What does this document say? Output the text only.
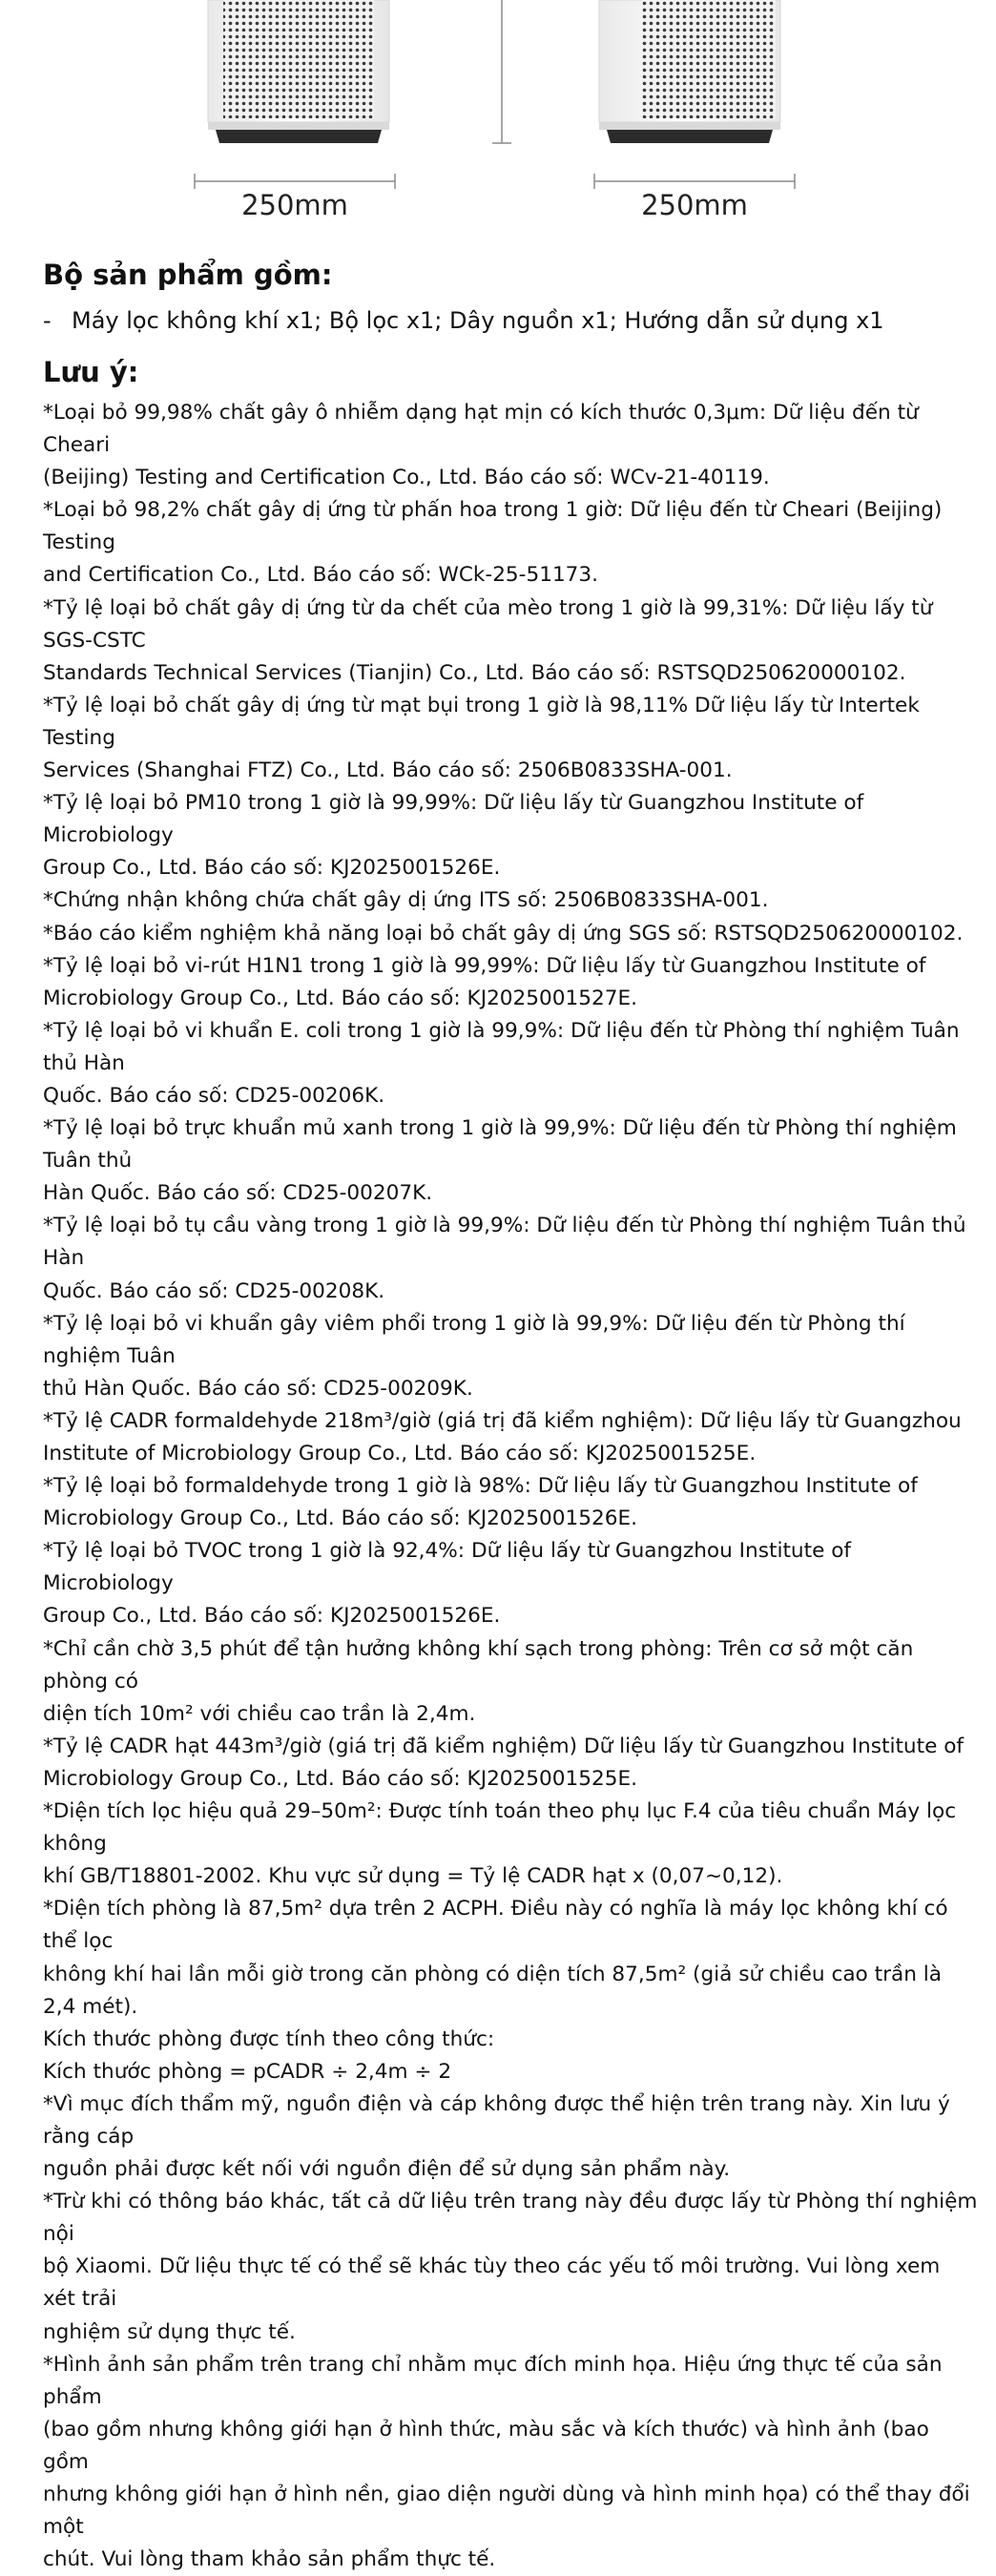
250mm	250mm
Bộ sản phẩm gồm:
- Máy lọc không khí x1; Bộ lọc x1; Dây nguồn x1; Hướng dẫn sử dụng x1
Lưu ý:

*Loại bỏ 99,98% chất gây ô nhiễm dạng hạt mịn có kích thước 0,3μm: Dữ liệu đến từ Cheari

(Beijing) Testing and Certification Co., Ltd. Báo cáo số: WCv-21-40119.

*Loại bỏ 98,2% chất gây dị ứng từ phấn hoa trong 1 giờ: Dữ liệu đến từ Cheari (Beijing) Testing

and Certification Co., Ltd. Báo cáo số: WCk-25-51173.

*Tỷ lệ loại bỏ chất gây dị ứng từ da chết của mèo trong 1 giờ là 99,31%: Dữ liệu lấy từ SGS-CSTC

Standards Technical Services (Tianjin) Co., Ltd. Báo cáo số: RSTSQD250620000102.

*Tỷ lệ loại bỏ chất gây dị ứng từ mạt bụi trong 1 giờ là 98,11% Dữ liệu lấy từ Intertek Testing

Services (Shanghai FTZ) Co., Ltd. Báo cáo số: 2506B0833SHA-001.

*Tỷ lệ loại bỏ PM10 trong 1 giờ là 99,99%: Dữ liệu lấy từ Guangzhou Institute of Microbiology

Group Co., Ltd. Báo cáo số: KJ2025001526E.

*Chứng nhận không chứa chất gây dị ứng ITS số: 2506B0833SHA-001.

*Báo cáo kiểm nghiệm khả năng loại bỏ chất gây dị ứng SGS số: RSTSQD250620000102.

*Tỷ lệ loại bỏ vi-rút H1N1 trong 1 giờ là 99,99%: Dữ liệu lấy từ Guangzhou Institute of

Microbiology Group Co., Ltd. Báo cáo số: KJ2025001527E.

*Tỷ lệ loại bỏ vi khuẩn E. coli trong 1 giờ là 99,9%: Dữ liệu đến từ Phòng thí nghiệm Tuân thủ Hàn

Quốc. Báo cáo số: CD25-00206K.

*Tỷ lệ loại bỏ trực khuẩn mủ xanh trong 1 giờ là 99,9%: Dữ liệu đến từ Phòng thí nghiệm Tuân thủ

Hàn Quốc. Báo cáo số: CD25-00207K.

*Tỷ lệ loại bỏ tụ cầu vàng trong 1 giờ là 99,9%: Dữ liệu đến từ Phòng thí nghiệm Tuân thủ Hàn

Quốc. Báo cáo số: CD25-00208K.

*Tỷ lệ loại bỏ vi khuẩn gây viêm phổi trong 1 giờ là 99,9%: Dữ liệu đến từ Phòng thí nghiệm Tuân

thủ Hàn Quốc. Báo cáo số: CD25-00209K.

*Tỷ lệ CADR formaldehyde 218m³/giờ (giá trị đã kiểm nghiệm): Dữ liệu lấy từ Guangzhou

Institute of Microbiology Group Co., Ltd. Báo cáo số: KJ2025001525E.

*Tỷ lệ loại bỏ formaldehyde trong 1 giờ là 98%: Dữ liệu lấy từ Guangzhou Institute of

Microbiology Group Co., Ltd. Báo cáo số: KJ2025001526E.

*Tỷ lệ loại bỏ TVOC trong 1 giờ là 92,4%: Dữ liệu lấy từ Guangzhou Institute of Microbiology

Group Co., Ltd. Báo cáo số: KJ2025001526E.

*Chỉ cần chờ 3,5 phút để tận hưởng không khí sạch trong phòng: Trên cơ sở một căn phòng có

diện tích 10m² với chiều cao trần là 2,4m.

*Tỷ lệ CADR hạt 443m³/giờ (giá trị đã kiểm nghiệm) Dữ liệu lấy từ Guangzhou Institute of

Microbiology Group Co., Ltd. Báo cáo số: KJ2025001525E.

*Diện tích lọc hiệu quả 29–50m²: Được tính toán theo phụ lục F.4 của tiêu chuẩn Máy lọc không

khí GB/T18801-2002. Khu vực sử dụng = Tỷ lệ CADR hạt x (0,07~0,12).

*Diện tích phòng là 87,5m² dựa trên 2 ACPH. Điều này có nghĩa là máy lọc không khí có thể lọc

không khí hai lần mỗi giờ trong căn phòng có diện tích 87,5m² (giả sử chiều cao trần là 2,4 mét).

Kích thước phòng được tính theo công thức:

Kích thước phòng = pCADR ÷ 2,4m ÷ 2

*Vì mục đích thẩm mỹ, nguồn điện và cáp không được thể hiện trên trang này. Xin lưu ý rằng cáp

nguồn phải được kết nối với nguồn điện để sử dụng sản phẩm này.

*Trừ khi có thông báo khác, tất cả dữ liệu trên trang này đều được lấy từ Phòng thí nghiệm nội

bộ Xiaomi. Dữ liệu thực tế có thể sẽ khác tùy theo các yếu tố môi trường. Vui lòng xem xét trải

nghiệm sử dụng thực tế.

*Hình ảnh sản phẩm trên trang chỉ nhằm mục đích minh họa. Hiệu ứng thực tế của sản phẩm

(bao gồm nhưng không giới hạn ở hình thức, màu sắc và kích thước) và hình ảnh (bao gồm

nhưng không giới hạn ở hình nền, giao diện người dùng và hình minh họa) có thể thay đổi một

chút. Vui lòng tham khảo sản phẩm thực tế.
